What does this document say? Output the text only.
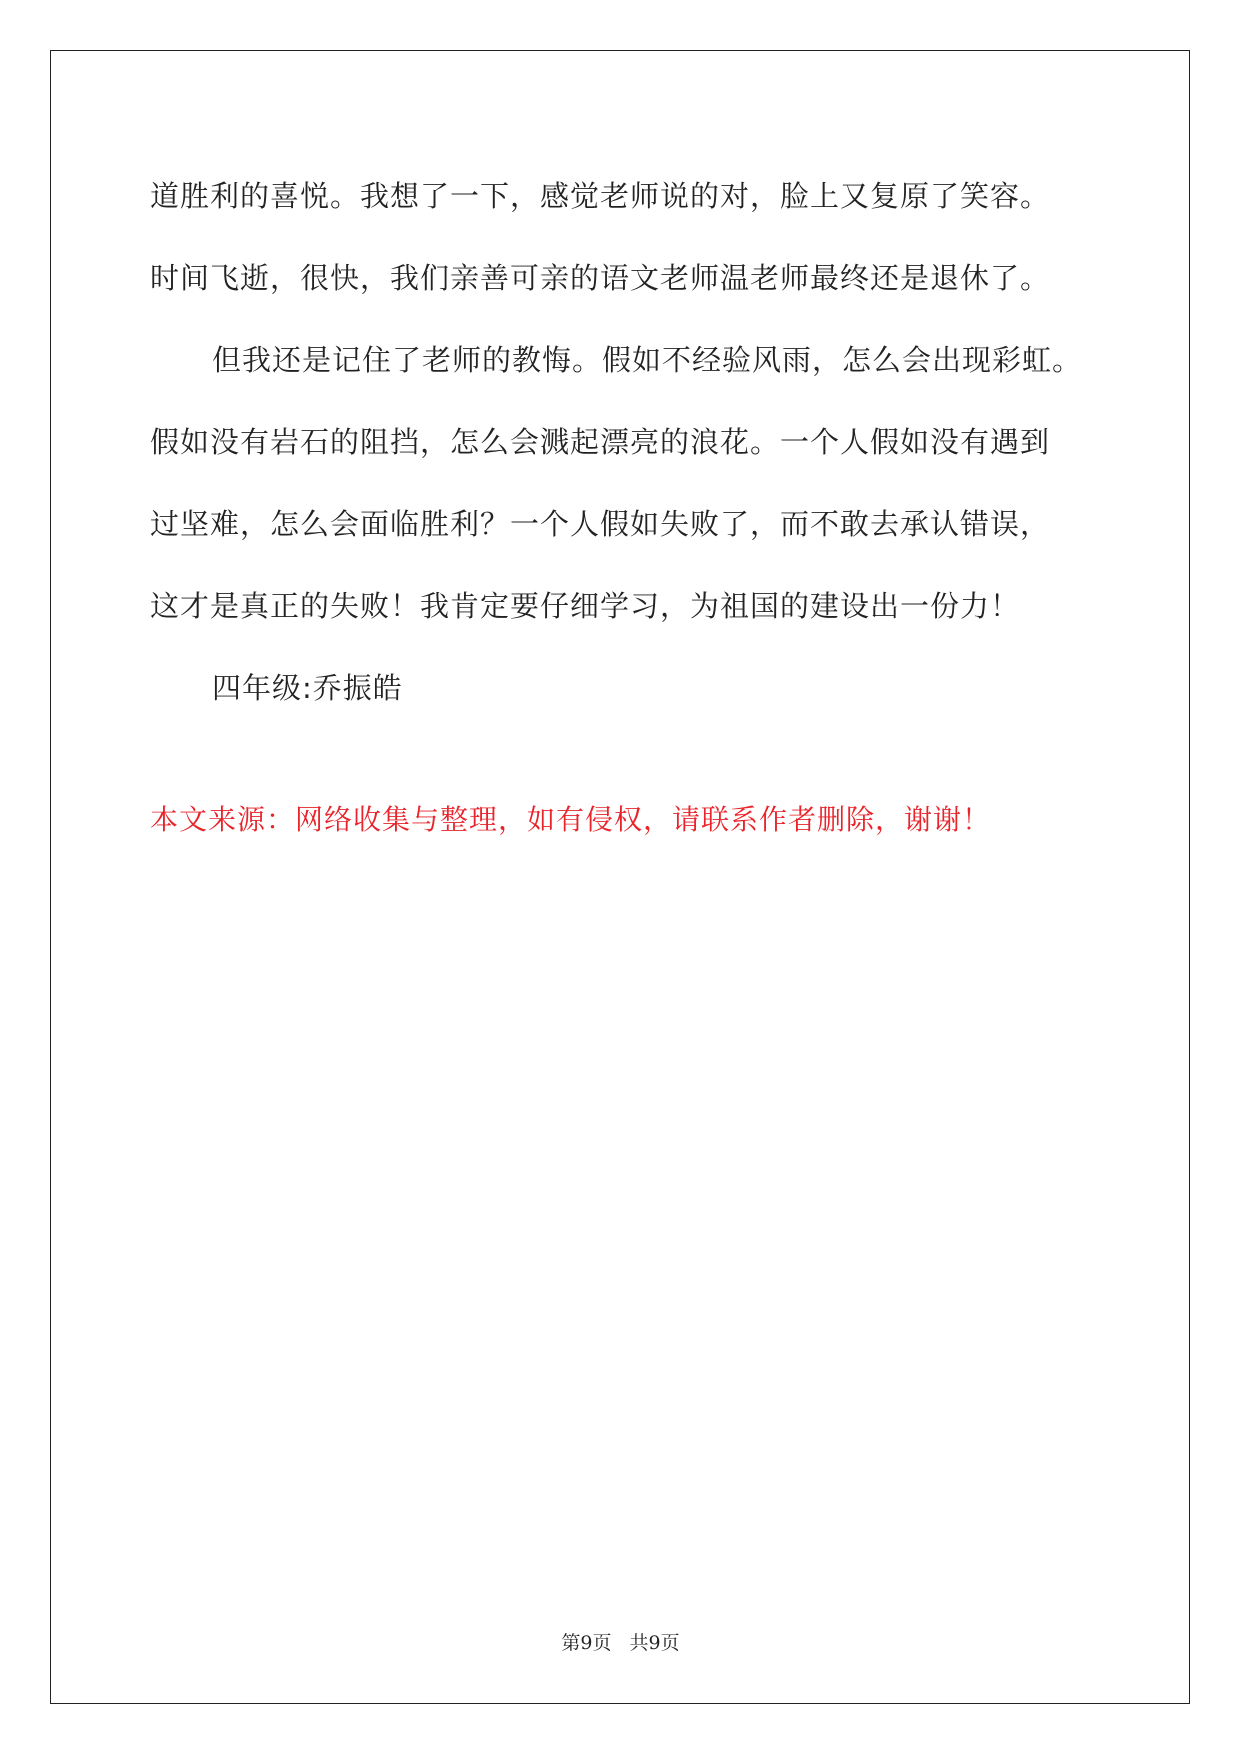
道胜利的喜悦。我想了一下，感觉老师说的对，脸上又复原了笑容。
时间飞逝，很快，我们亲善可亲的语文老师温老师最终还是退休了。
但我还是记住了老师的教悔。假如不经验风雨，怎么会出现彩虹。
假如没有岩石的阻挡，怎么会溅起漂亮的浪花。一个人假如没有遇到
过坚难，怎么会面临胜利？一个人假如失败了，而不敢去承认错误，
这才是真正的失败！我肯定要仔细学习，为祖国的建设出一份力！
四年级:乔振皓
本文来源：网络收集与整理，如有侵权，请联系作者删除，谢谢！
第9页 共9页
